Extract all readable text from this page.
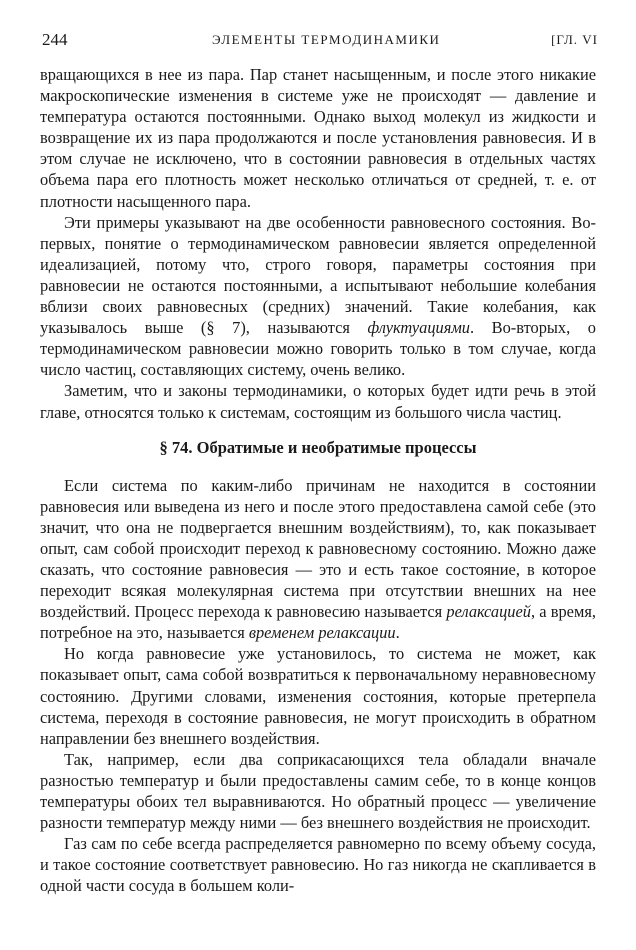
244	ЭЛЕМЕНТЫ ТЕРМОДИНАМИКИ	[ГЛ. VI

вращающихся в нее из пара. Пар станет насыщенным, и после этого никакие макроскопические изменения в системе уже не происходят — давление и температура остаются постоянными. Однако выход молекул из жидкости и возвращение их из пара продолжаются и после установления равновесия. И в этом случае не исключено, что в состоянии равновесия в отдельных частях объема пара его плотность может несколько отличаться от средней, т. е. от плотности насыщенного пара.

Эти примеры указывают на две особенности равновесного состояния. Во-первых, понятие о термодинамическом равновесии является определенной идеализацией, потому что, строго говоря, параметры состояния при равновесии не остаются постоянными, а испытывают небольшие колебания вблизи своих равновесных (средних) значений. Такие колебания, как указывалось выше (§ 7), называются флуктуациями. Во-вторых, о термодинамическом равновесии можно говорить только в том случае, когда число частиц, составляющих систему, очень велико.

Заметим, что и законы термодинамики, о которых будет идти речь в этой главе, относятся только к системам, состоящим из большого числа частиц.

§ 74. Обратимые и необратимые процессы

Если система по каким-либо причинам не находится в состоянии равновесия или выведена из него и после этого предоставлена самой себе (это значит, что она не подвергается внешним воздействиям), то, как показывает опыт, сам собой происходит переход к равновесному состоянию. Можно даже сказать, что состояние равновесия — это и есть такое состояние, в которое переходит всякая молекулярная система при отсутствии внешних на нее воздействий. Процесс перехода к равновесию называется релаксацией, а время, потребное на это, называется временем релаксации.

Но когда равновесие уже установилось, то система не может, как показывает опыт, сама собой возвратиться к первоначальному неравновесному состоянию. Другими словами, изменения состояния, которые претерпела система, переходя в состояние равновесия, не могут происходить в обратном направлении без внешнего воздействия.

Так, например, если два соприкасающихся тела обладали вначале разностью температур и были предоставлены самим себе, то в конце концов температуры обоих тел выравниваются. Но обратный процесс — увеличение разности температур между ними — без внешнего воздействия не происходит.

Газ сам по себе всегда распределяется равномерно по всему объему сосуда, и такое состояние соответствует равновесию. Но газ никогда не скапливается в одной части сосуда в большем коли-
